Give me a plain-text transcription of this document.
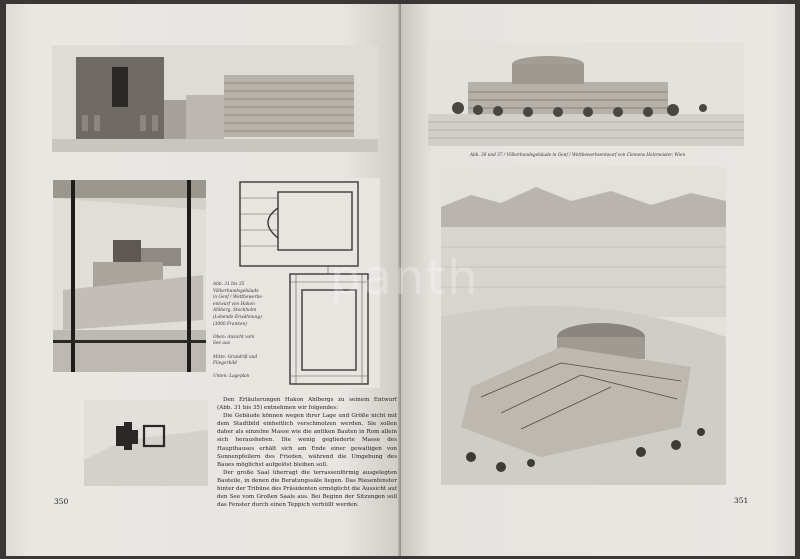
Abb. 31 bis 35
Völkerbundsgebäude
in Genf / Wettbewerbs-
entwurf von Hakon
Ahlberg, Stockholm
(Lobende Erwähnung)
(3000 Franken)

Oben: Ansicht vom
See aus

Mitte: Grundriß und
Fliegerbild

Unten: Lageplan

Den Erläuterungen Hakon Ahlbergs zu seinem Entwurf (Abb. 31 bis 35) entnehmen wir folgendes:

Die Gebäude können wegen ihrer Lage und Größe nicht mit dem Stadtbild einheitlich verschmolzen werden. Sie sollen daher als einzelne Masse wie die antiken Bauten in Rom allein sich herausheben. Die wenig gegliederte Masse des Haupthauses erhält sich am Ende einer gewaltigen von Sonnenpfeilern des Frieden, während die Umgebung des Baues möglichst aufgelöst bleiben soll.

Der große Saal überragt die terrassenförmig ausgelegten Bauteile, in denen die Beratungssäle liegen. Das Riesenfenster hinter der Tribüne des Präsidenten ermöglicht die Aussicht auf den See vom Großen Saals aus. Bei Beginn der Sitzungen soll das Fenster durch einen Teppich verhüllt werden.

350
Abb. 36 und 37 / Völkerbundsgebäude in Genf / Wettbewerbsentwurf von Clemens Holzmeister, Wien
351
panth
